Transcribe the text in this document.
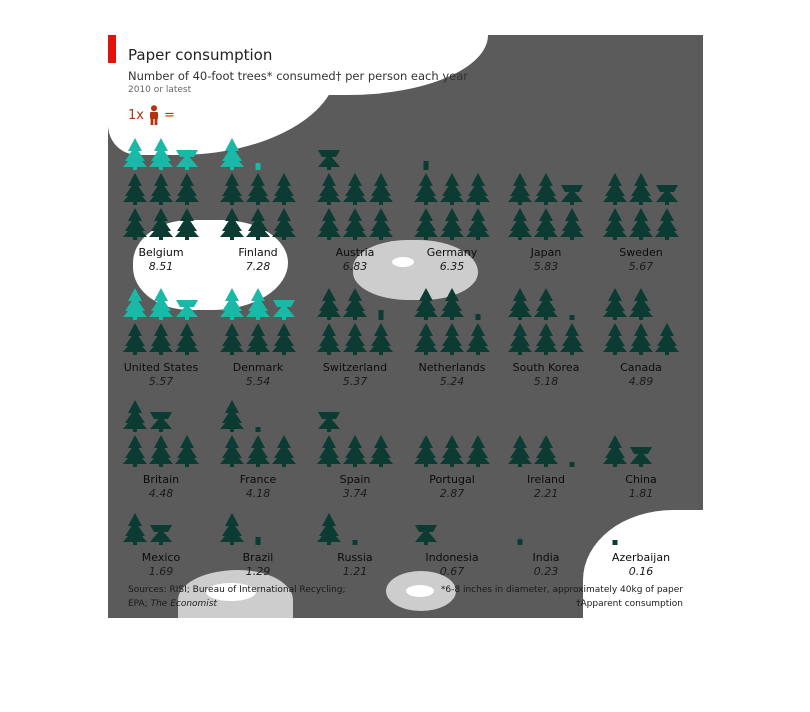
Belgium
8.51
Finland
7.28
Austria
6.83
Germany
6.35
Japan
5.83
Sweden
5.67
United States
5.57
Denmark
5.54
Switzerland
5.37
Netherlands
5.24
South Korea
5.18
Canada
4.89
Britain
4.48
France
4.18
Spain
3.74
Portugal
2.87
Ireland
2.21
China
1.81
Mexico
1.69
Brazil
1.29
Russia
1.21
Indonesia
0.67
India
0.23
Azerbaijan
0.16
Paper consumption
Number of 40-foot trees* consumed† per person each year
2010 or latest
1x =
Sources: RISI; Bureau of International Recycling;
EPA; The Economist
*6-8 inches in diameter, approximately 40kg of paper
†Apparent consumption
